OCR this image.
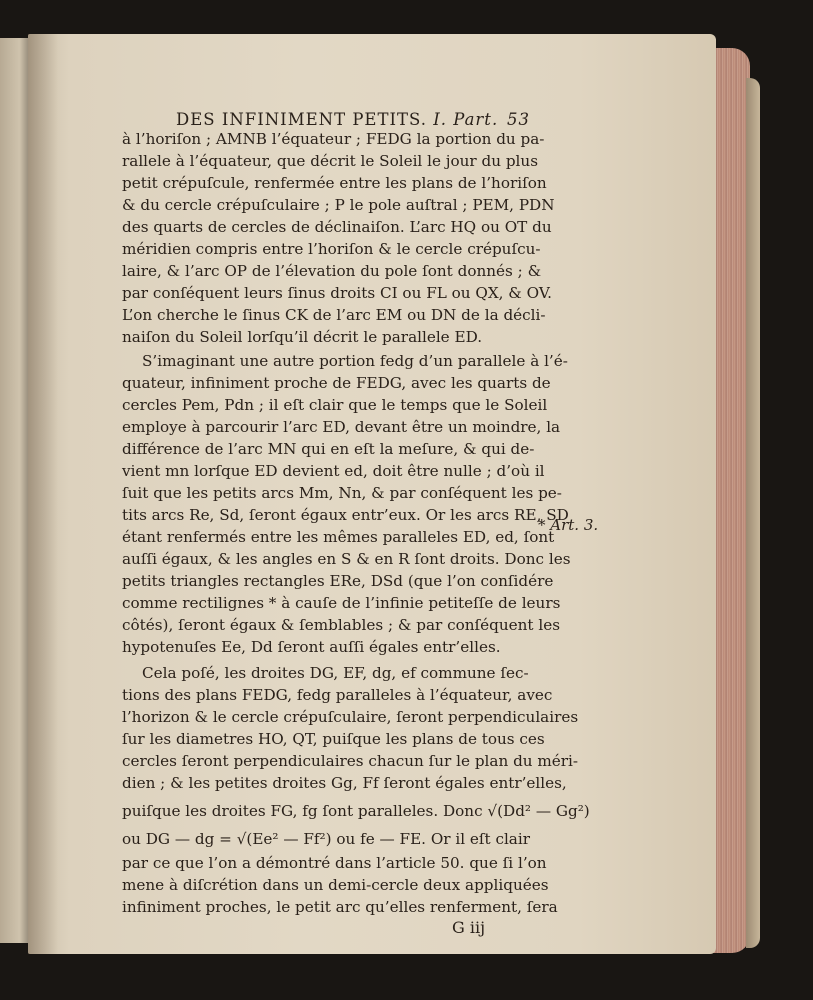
DES INFINIMENT PETITS. I. Part. 53
à l’horiſon ; AMNB l’équateur ; FEDG la portion du pa-
rallele à l’équateur, que décrit le Soleil le jour du plus
petit crépuſcule, renfermée entre les plans de l’horiſon
& du cercle crépuſculaire ; P le pole auſtral ; PEM, PDN
des quarts de cercles de déclinaiſon. L’arc HQ ou OT du
méridien compris entre l’horiſon & le cercle crépuſcu-
laire, & l’arc OP de l’élevation du pole ſont donnés ; &
par conſéquent leurs ſinus droits CI ou FL ou QX, & OV.
L’on cherche le ſinus CK de l’arc EM ou DN de la décli-
naiſon du Soleil lorſqu’il décrit le parallele ED.
S’imaginant une autre portion fedg d’un parallele à l’é-
quateur, infiniment proche de FEDG, avec les quarts de
cercles Pem, Pdn ; il eſt clair que le temps que le Soleil
employe à parcourir l’arc ED, devant être un moindre, la
différence de l’arc MN qui en eſt la meſure, & qui de-
vient mn lorſque ED devient ed, doit être nulle ; d’où il
ſuit que les petits arcs Mm, Nn, & par conſéquent les pe-
tits arcs Re, Sd, ſeront égaux entr’eux. Or les arcs RE, SD
étant renfermés entre les mêmes paralleles ED, ed, ſont
auſſi égaux, & les angles en S & en R ſont droits. Donc les
petits triangles rectangles ERe, DSd (que l’on conſidére
comme rectilignes * à cauſe de l’infinie petiteſſe de leurs
côtés), ſeront égaux & ſemblables ; & par conſéquent les
hypotenuſes Ee, Dd ſeront auſſi égales entr’elles.
Cela poſé, les droites DG, EF, dg, ef commune ſec-
tions des plans FEDG, fedg paralleles à l’équateur, avec
l’horizon & le cercle crépuſculaire, ſeront perpendiculaires
ſur les diametres HO, QT, puiſque les plans de tous ces
cercles ſeront perpendiculaires chacun ſur le plan du méri-
dien ; & les petites droites Gg, Ff ſeront égales entr’elles,
puiſque les droites FG, fg ſont paralleles. Donc √(Dd² — Gg²)
ou DG — dg = √(Ee² — Ff²) ou fe — FE. Or il eſt clair
par ce que l’on a démontré dans l’article 50. que ſi l’on
mene à diſcrétion dans un demi-cercle deux appliquées
infiniment proches, le petit arc qu’elles renferment, ſera
* Art. 3.
G iij
